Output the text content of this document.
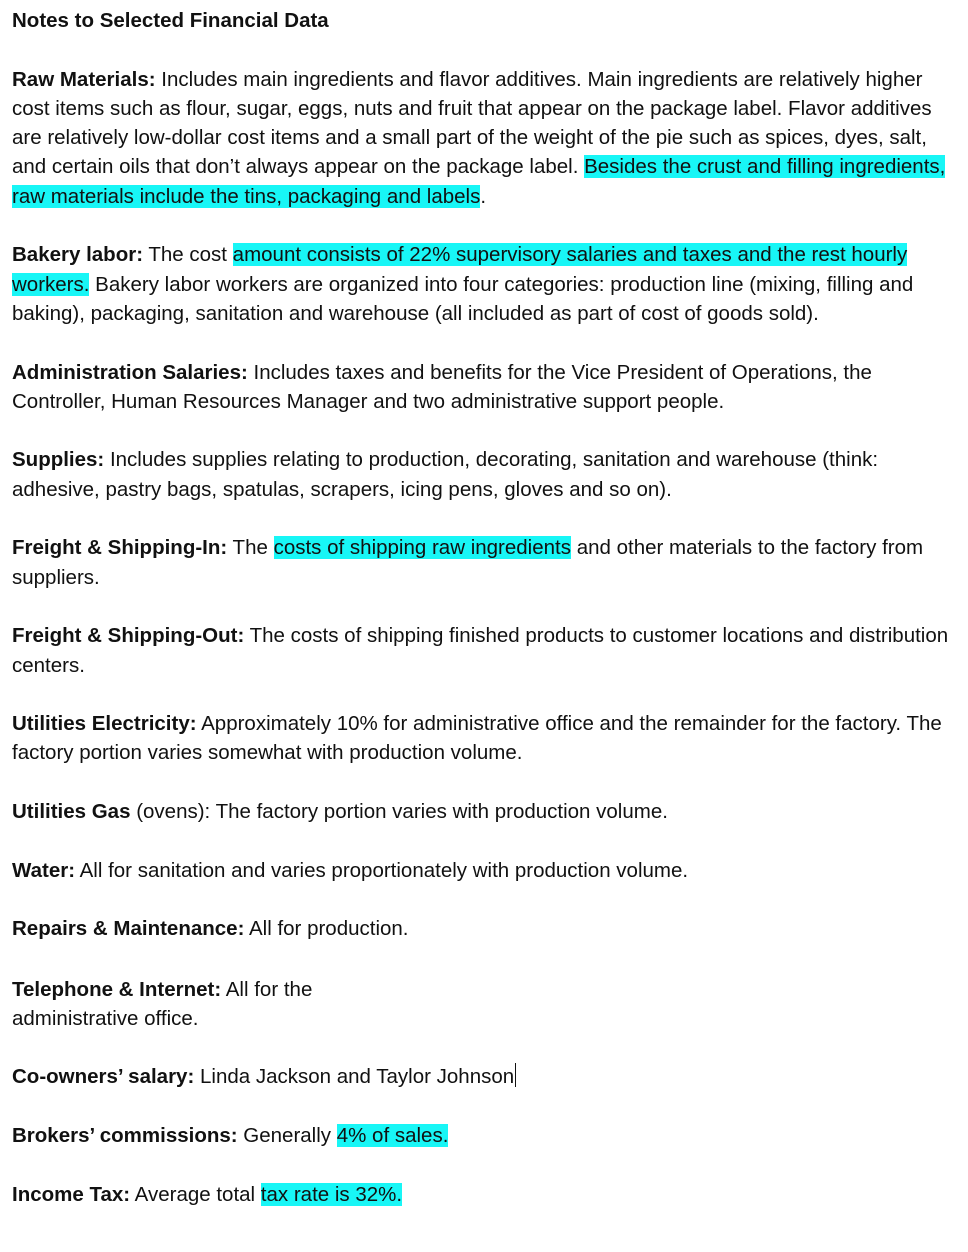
Notes to Selected Financial Data

Raw Materials: Includes main ingredients and flavor additives. Main ingredients are relatively higher cost items such as flour, sugar, eggs, nuts and fruit that appear on the package label. Flavor additives are relatively low-dollar cost items and a small part of the weight of the pie such as spices, dyes, salt, and certain oils that don’t always appear on the package label. Besides the crust and filling ingredients, raw materials include the tins, packaging and labels.

Bakery labor: The cost amount consists of 22% supervisory salaries and taxes and the rest hourly workers. Bakery labor workers are organized into four categories: production line (mixing, filling and baking), packaging, sanitation and warehouse (all included as part of cost of goods sold).

Administration Salaries: Includes taxes and benefits for the Vice President of Operations, the Controller, Human Resources Manager and two administrative support people.

Supplies: Includes supplies relating to production, decorating, sanitation and warehouse (think: adhesive, pastry bags, spatulas, scrapers, icing pens, gloves and so on).

Freight & Shipping-In: The costs of shipping raw ingredients and other materials to the factory from suppliers.

Freight & Shipping-Out: The costs of shipping finished products to customer locations and distribution centers.

Utilities Electricity: Approximately 10% for administrative office and the remainder for the factory. The factory portion varies somewhat with production volume.

Utilities Gas (ovens): The factory portion varies with production volume.

Water: All for sanitation and varies proportionately with production volume.

Repairs & Maintenance: All for production.

Telephone & Internet: All for the administrative office.

Co-owners’ salary: Linda Jackson and Taylor Johnson

Brokers’ commissions: Generally 4% of sales.

Income Tax: Average total tax rate is 32%.
